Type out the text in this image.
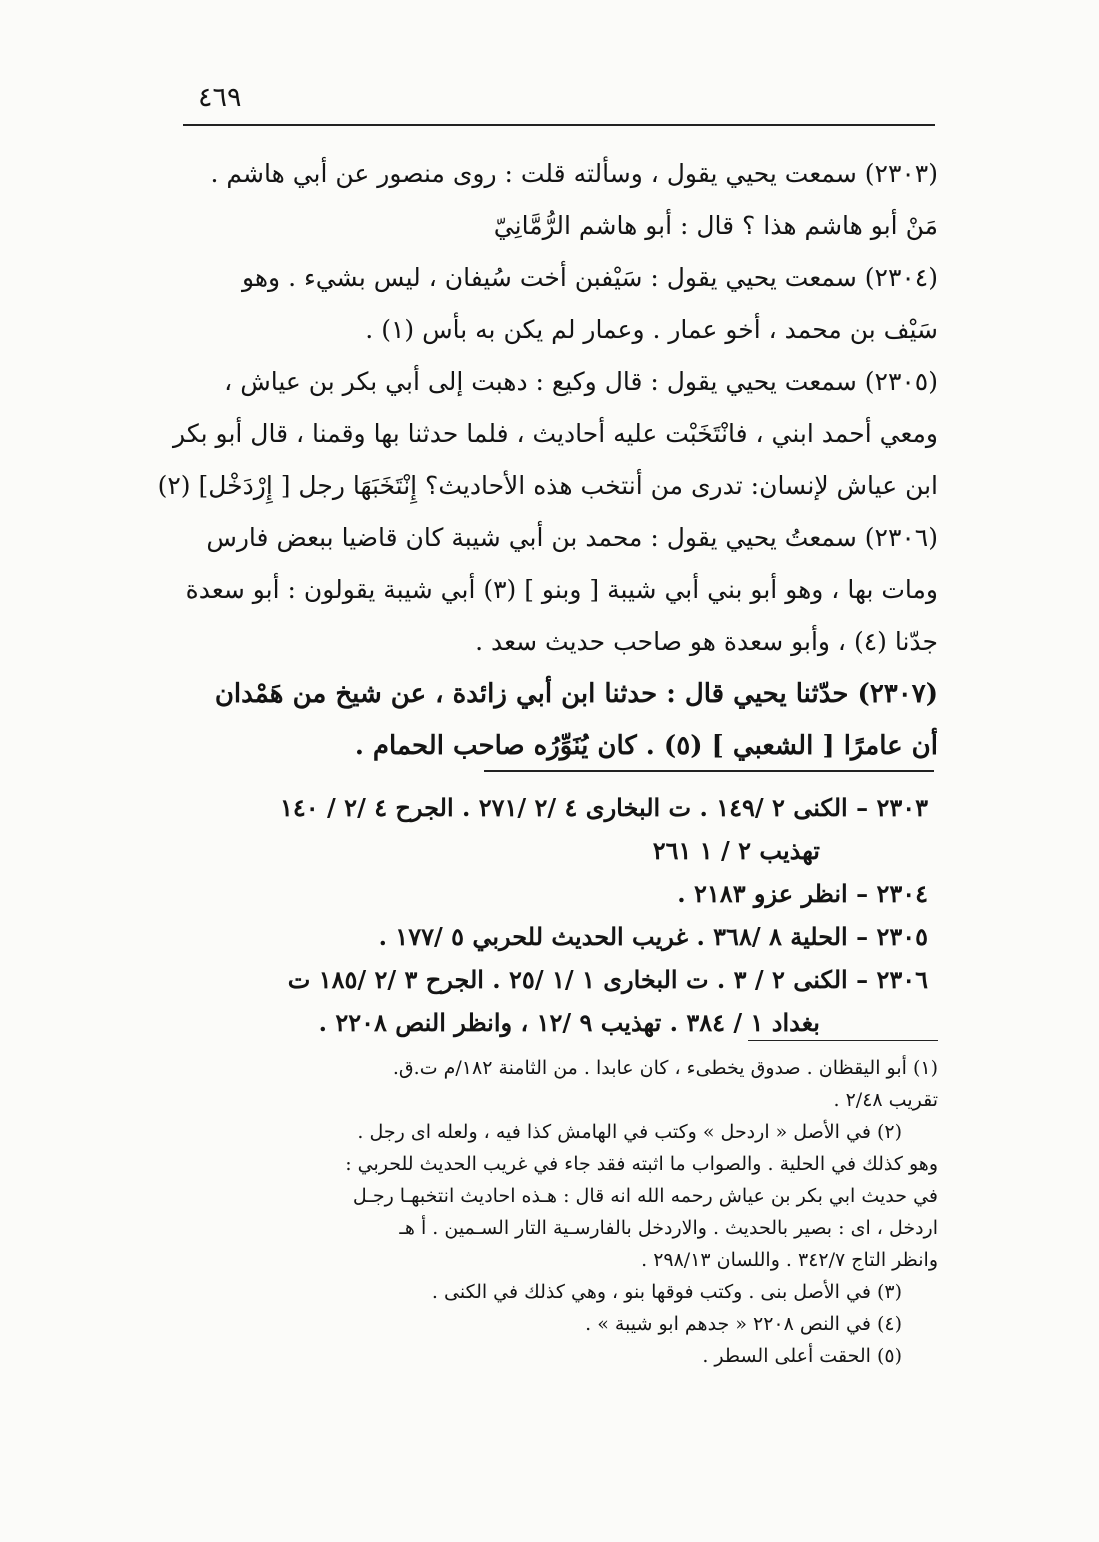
٤٦٩

(٢٣٠٣) سمعت يحيي يقول ، وسألته قلت : روى منصور عن أبي هاشم .
مَنْ أبو هاشم هذا ؟ قال : أبو هاشم الرُّمَّانِيّ

(٢٣٠٤) سمعت يحيي يقول : سَيْفبن أخت سُيفان ، ليس بشيء . وهو
سَيْف بن محمد ، أخو عمار . وعمار لم يكن به بأس (١) .

(٢٣٠٥) سمعت يحيي يقول : قال وكيع : دهبت إلى أبي بكر بن عياش ،
ومعي أحمد ابني ، فانْتَخَبْت عليه أحاديث ، فلما حدثنا بها وقمنا ، قال أبو بكر
ابن عياش لإنسان: تدرى من أنتخب هذه الأحاديث؟ إِنْتَخَبَهَا رجل [ إِرْدَخْل] (٢)

(٢٣٠٦) سمعتُ يحيي يقول : محمد بن أبي شيبة كان قاضيا ببعض فارس
ومات بها ، وهو أبو بني أبي شيبة [ وبنو ] (٣) أبي شيبة يقولون : أبو سعدة
جدّنا (٤) ، وأبو سعدة هو صاحب حديث سعد .

(٢٣٠٧) حدّثنا يحيي قال : حدثنا ابن أبي زائدة ، عن شيخ من هَمْدان
أن عامرًا [ الشعبي ] (٥) . كان يُنَوِّرُه صاحب الحمام .

٢٣٠٣ – الكنى ٢ /١٤٩ . ت البخارى ٤ /٢ /٢٧١ . الجرح ٤ /٢ / ١٤٠
تهذيب ٢ / ١ ٢٦١

٢٣٠٤ – انظر عزو ٢١٨٣ .

٢٣٠٥ – الحلية ٨ /٣٦٨ . غريب الحديث للحربي ٥ /١٧٧ .

٢٣٠٦ – الكنى ٢ / ٣ . ت البخارى ١ /١ /٢٥ . الجرح ٣ /٢ /١٨٥ ت
بغداد ١ / ٣٨٤ . تهذيب ٩ /١٢ ، وانظر النص ٢٢٠٨ .

(١) أبو اليقظان . صدوق يخطىء ، كان عابدا . من الثامنة ١٨٢/م ت.ق.
تقريب ٢/٤٨ .

(٢) في الأصل « اردحل » وكتب في الهامش كذا فيه ، ولعله اى رجل .
وهو كذلك في الحلية . والصواب ما اثبته فقد جاء في غريب الحديث للحربي :
في حديث ابي بكر بن عياش رحمه الله انه قال : هـذه احاديث انتخبهـا رجـل
اردخل ، اى : بصير بالحديث . والاردخل بالفارسـية التار السـمين . أ هـ
وانظر التاج ٣٤٢/٧ . واللسان ٢٩٨/١٣ .

(٣) في الأصل بنى . وكتب فوقها بنو ، وهي كذلك في الكنى .

(٤) في النص ٢٢٠٨ « جدهم ابو شيبة » .

(٥) الحقت أعلى السطر .
